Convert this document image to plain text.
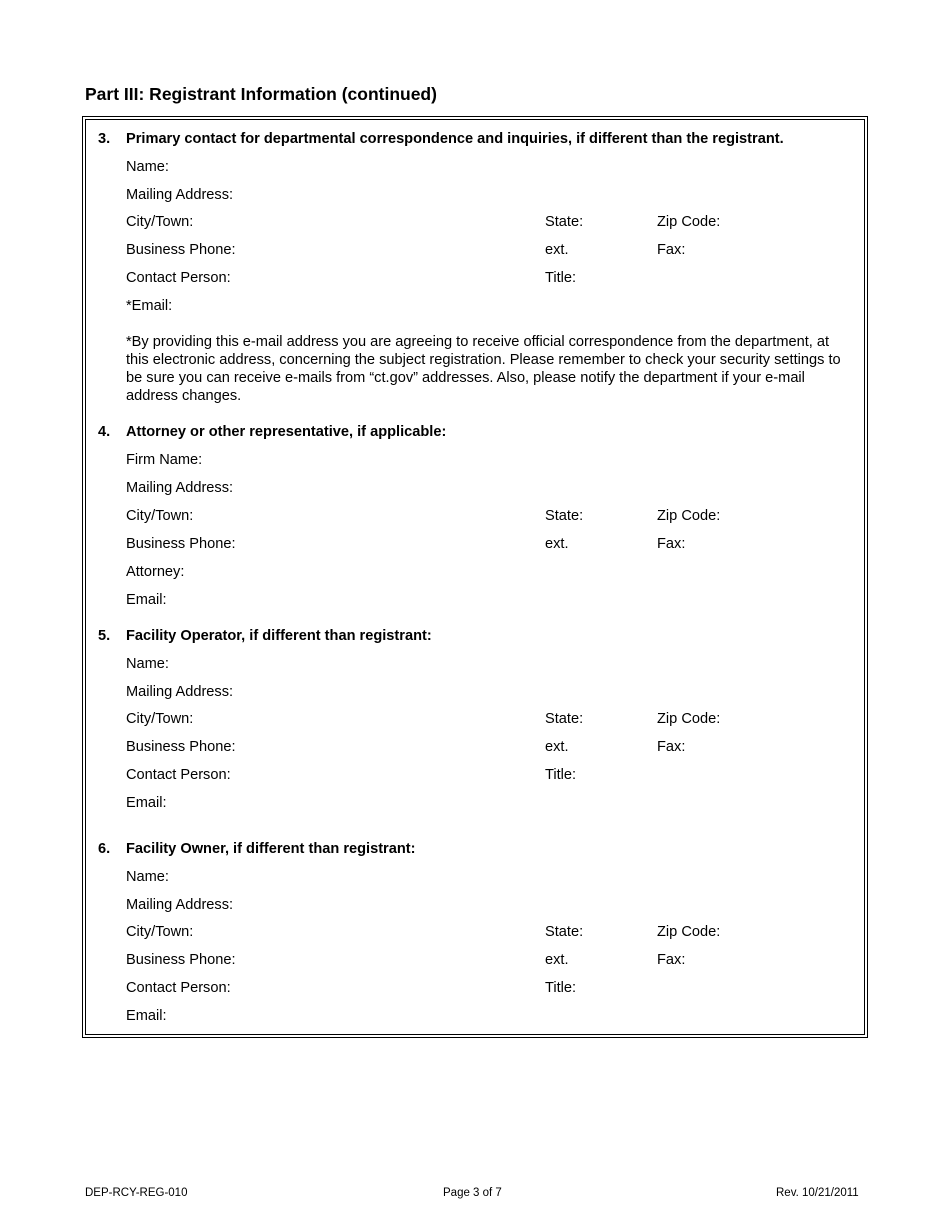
Part III: Registrant Information (continued)
3. Primary contact for departmental correspondence and inquiries, if different than the registrant.
Name:
Mailing Address:
City/Town:	State:	Zip Code:
Business Phone:	ext.	Fax:
Contact Person:	Title:
*Email:

*By providing this e-mail address you are agreeing to receive official correspondence from the department, at this electronic address, concerning the subject registration. Please remember to check your security settings to be sure you can receive e-mails from “ct.gov” addresses. Also, please notify the department if your e-mail address changes.

4. Attorney or other representative, if applicable:
Firm Name:
Mailing Address:
City/Town:	State:	Zip Code:
Business Phone:	ext.	Fax:
Attorney:
Email:
5. Facility Operator, if different than registrant:
Name:
Mailing Address:
City/Town:	State:	Zip Code:
Business Phone:	ext.	Fax:
Contact Person:	Title:
Email:
6. Facility Owner, if different than registrant:
Name:
Mailing Address:
City/Town:	State:	Zip Code:
Business Phone:	ext.	Fax:
Contact Person:	Title:
Email:
DEP-RCY-REG-010	Page 3 of 7	Rev. 10/21/2011
